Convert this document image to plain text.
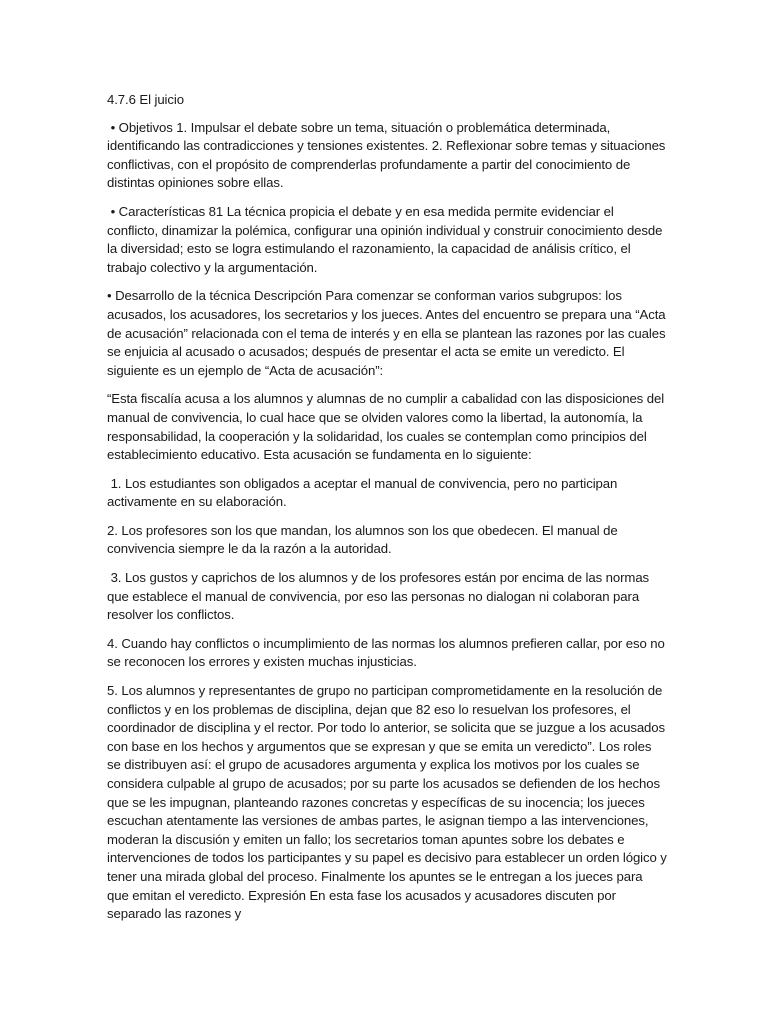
4.7.6 El juicio

• Objetivos 1. Impulsar el debate sobre un tema, situación o problemática determinada, identificando las contradicciones y tensiones existentes. 2. Reflexionar sobre temas y situaciones conflictivas, con el propósito de comprenderlas profundamente a partir del conocimiento de distintas opiniones sobre ellas.

• Características 81 La técnica propicia el debate y en esa medida permite evidenciar el conflicto, dinamizar la polémica, configurar una opinión individual y construir conocimiento desde la diversidad; esto se logra estimulando el razonamiento, la capacidad de análisis crítico, el trabajo colectivo y la argumentación.

• Desarrollo de la técnica Descripción Para comenzar se conforman varios subgrupos: los acusados, los acusadores, los secretarios y los jueces. Antes del encuentro se prepara una “Acta de acusación” relacionada con el tema de interés y en ella se plantean las razones por las cuales se enjuicia al acusado o acusados; después de presentar el acta se emite un veredicto. El siguiente es un ejemplo de “Acta de acusación”:

“Esta fiscalía acusa a los alumnos y alumnas de no cumplir a cabalidad con las disposiciones del manual de convivencia, lo cual hace que se olviden valores como la libertad, la autonomía, la responsabilidad, la cooperación y la solidaridad, los cuales se contemplan como principios del establecimiento educativo. Esta acusación se fundamenta en lo siguiente:

1. Los estudiantes son obligados a aceptar el manual de convivencia, pero no participan activamente en su elaboración.

2. Los profesores son los que mandan, los alumnos son los que obedecen. El manual de convivencia siempre le da la razón a la autoridad.

3. Los gustos y caprichos de los alumnos y de los profesores están por encima de las normas que establece el manual de convivencia, por eso las personas no dialogan ni colaboran para resolver los conflictos.

4. Cuando hay conflictos o incumplimiento de las normas los alumnos prefieren callar, por eso no se reconocen los errores y existen muchas injusticias.

5. Los alumnos y representantes de grupo no participan comprometidamente en la resolución de conflictos y en los problemas de disciplina, dejan que 82 eso lo resuelvan los profesores, el coordinador de disciplina y el rector. Por todo lo anterior, se solicita que se juzgue a los acusados con base en los hechos y argumentos que se expresan y que se emita un veredicto”. Los roles se distribuyen así: el grupo de acusadores argumenta y explica los motivos por los cuales se considera culpable al grupo de acusados; por su parte los acusados se defienden de los hechos que se les impugnan, planteando razones concretas y específicas de su inocencia; los jueces escuchan atentamente las versiones de ambas partes, le asignan tiempo a las intervenciones, moderan la discusión y emiten un fallo; los secretarios toman apuntes sobre los debates e intervenciones de todos los participantes y su papel es decisivo para establecer un orden lógico y tener una mirada global del proceso. Finalmente los apuntes se le entregan a los jueces para que emitan el veredicto. Expresión En esta fase los acusados y acusadores discuten por separado las razones y
